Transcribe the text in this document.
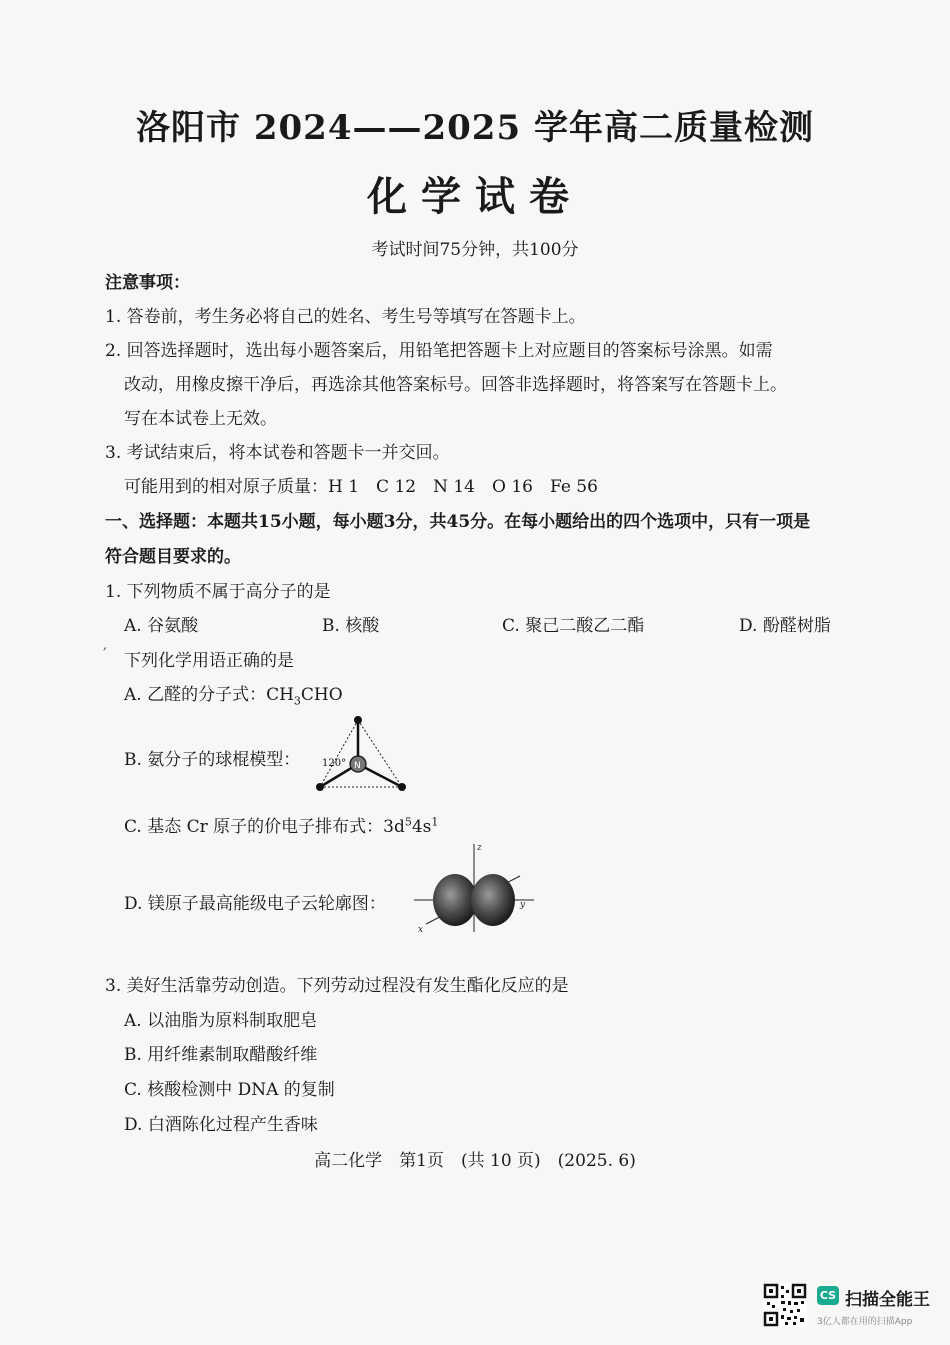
洛阳市 2024——2025 学年高二质量检测
化学试卷
考试时间75分钟，共100分
注意事项：
1. 答卷前，考生务必将自己的姓名、考生号等填写在答题卡上。
2. 回答选择题时，选出每小题答案后，用铅笔把答题卡上对应题目的答案标号涂黑。如需
改动，用橡皮擦干净后，再选涂其他答案标号。回答非选择题时，将答案写在答题卡上。
写在本试卷上无效。
3. 考试结束后，将本试卷和答题卡一并交回。
可能用到的相对原子质量：H 1　C 12　N 14　O 16　Fe 56
一、选择题：本题共15小题，每小题3分，共45分。在每小题给出的四个选项中，只有一项是
符合题目要求的。
1. 下列物质不属于高分子的是
A. 谷氨酸	B. 核酸	C. 聚己二酸乙二酯	D. 酚醛树脂
′ 下列化学用语正确的是
A. 乙醛的分子式：$CH_3CHO$
B. 氨分子的球棍模型：	N
120°
C. 基态 Cr 原子的价电子排布式：$3d^54s^1$
D. 镁原子最高能级电子云轮廓图：
z
y
x
3. 美好生活靠劳动创造。下列劳动过程没有发生酯化反应的是
A. 以油脂为原料制取肥皂
B. 用纤维素制取醋酸纤维
C. 核酸检测中 DNA 的复制
D. 白酒陈化过程产生香味
高二化学　第1页　(共 10 页)　(2025. 6)
CS 扫描全能王
3亿人都在用的扫描App
